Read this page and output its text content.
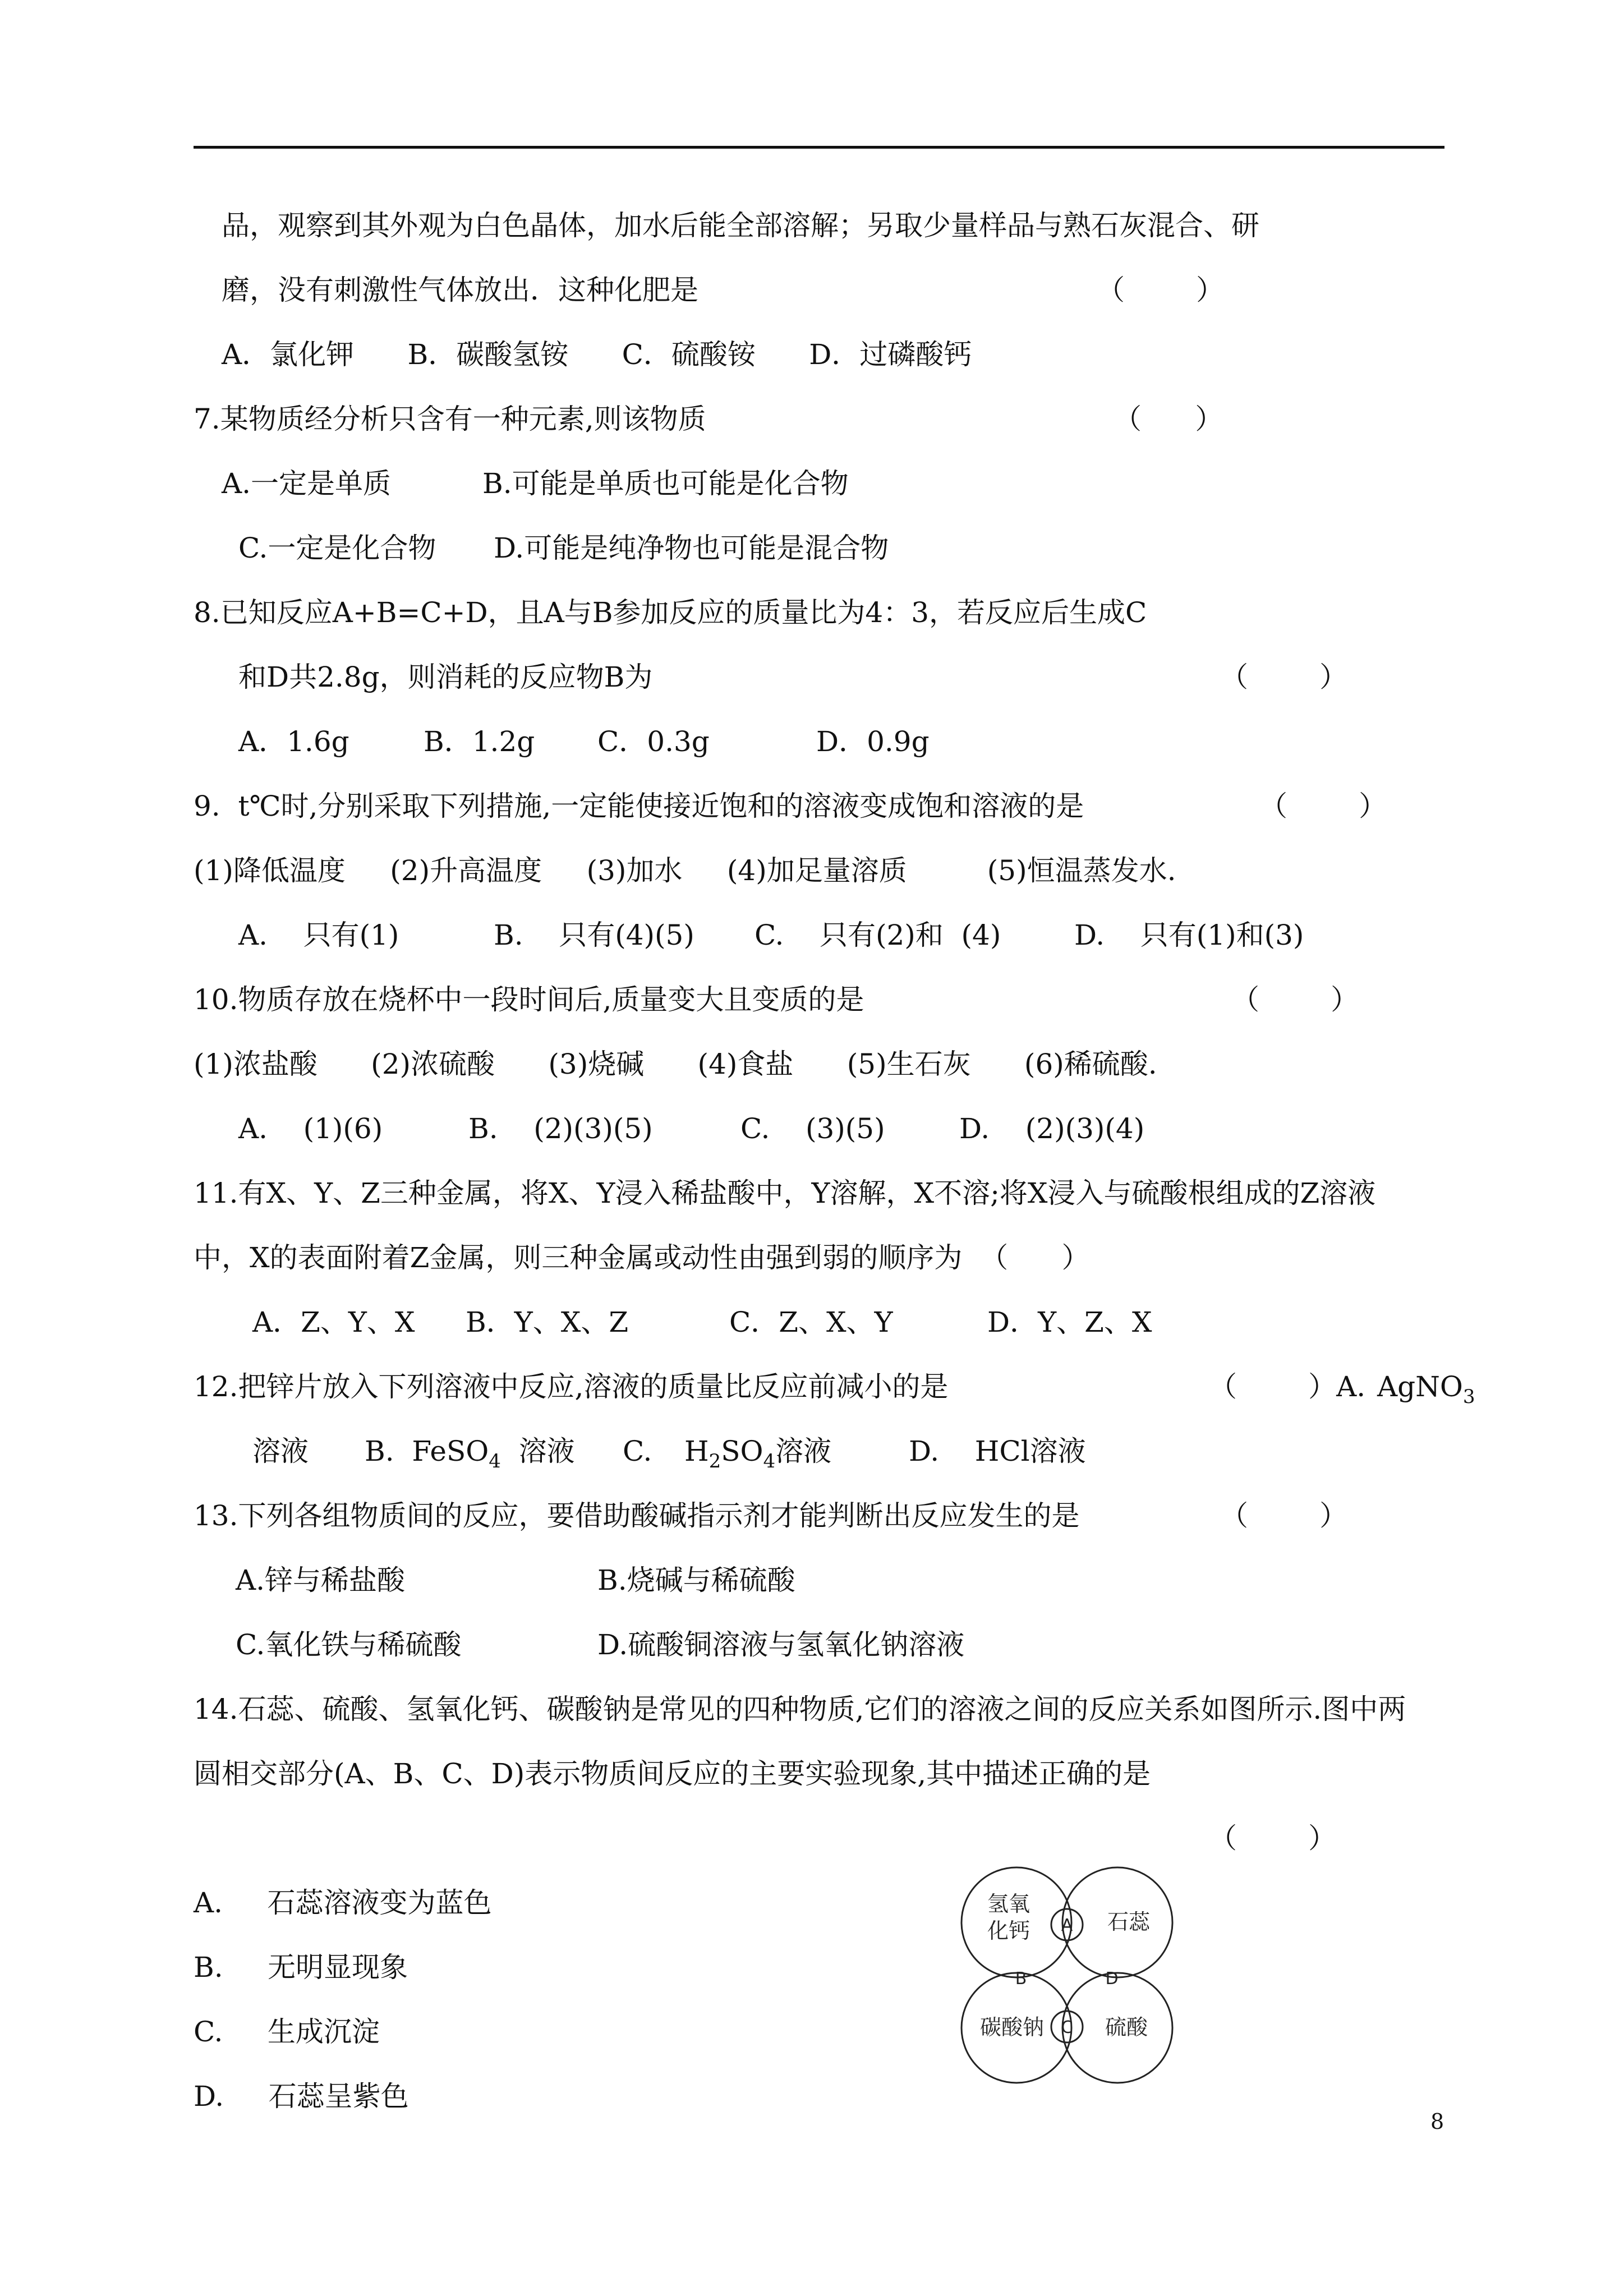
品，观察到其外观为白色晶体，加水后能全部溶解；另取少量样品与熟石灰混合、研
磨，没有刺激性气体放出．这种化肥是	（        ）
A．氯化钾      B．碳酸氢铵      C．硫酸铵      D．过磷酸钙
7.某物质经分析只含有一种元素,则该物质	（      ）
A.一定是单质	B.可能是单质也可能是化合物
C.一定是化合物 D.可能是纯净物也可能是混合物
8.已知反应A+B=C+D，且A与B参加反应的质量比为4：3，若反应后生成C
和D共2.8g，则消耗的反应物B为	（        ）
A．1.6g	B．1.2g C．0.3g	D．0.9g
9.  t℃时,分别采取下列措施,一定能使接近饱和的溶液变成饱和溶液的是	（        ）
(1)降低温度     (2)升高温度     (3)加水     (4)加足量溶质         (5)恒温蒸发水.
A.    只有(1)	B.    只有(4)(5) C.    只有(2)和  (4)	D.    只有(1)和(3)
10.物质存放在烧杯中一段时间后,质量变大且变质的是	（        ）
(1)浓盐酸      (2)浓硫酸      (3)烧碱      (4)食盐      (5)生石灰      (6)稀硫酸.
A.    (1)(6)	B.    (2)(3)(5)	C.    (3)(5)	D.    (2)(3)(4)
11.有X、Y、Z三种金属，将X、Y浸入稀盐酸中，Y溶解，X不溶;将X浸入与硫酸根组成的Z溶液
中，X的表面附着Z金属，则三种金属或动性由强到弱的顺序为  （      ）
A．Z、Y、X B．Y、X、Z	C．Z、X、Y	D．Y、Z、X
12.把锌片放入下列溶液中反应,溶液的质量比反应前减小的是	（        ）A. AgNO$_3$
溶液 B.  FeSO$_4$  溶液 C. $H_2SO_4$溶液	D.    HCl溶液
13.下列各组物质间的反应，要借助酸碱指示剂才能判断出反应发生的是	（        ）
A.锌与稀盐酸	B.烧碱与稀硫酸
C.氧化铁与稀硫酸	D.硫酸铜溶液与氢氧化钠溶液
14.石蕊、硫酸、氢氧化钙、碳酸钠是常见的四种物质,它们的溶液之间的反应关系如图所示.图中两
圆相交部分(A、B、C、D)表示物质间反应的主要实验现象,其中描述正确的是
（        ）
A.     石蕊溶液变为蓝色
B.     无明显现象
C.     生成沉淀
D.     石蕊呈紫色
氢氧
化钙	石蕊
碳酸钠	硫酸
A
B
C
D
8
